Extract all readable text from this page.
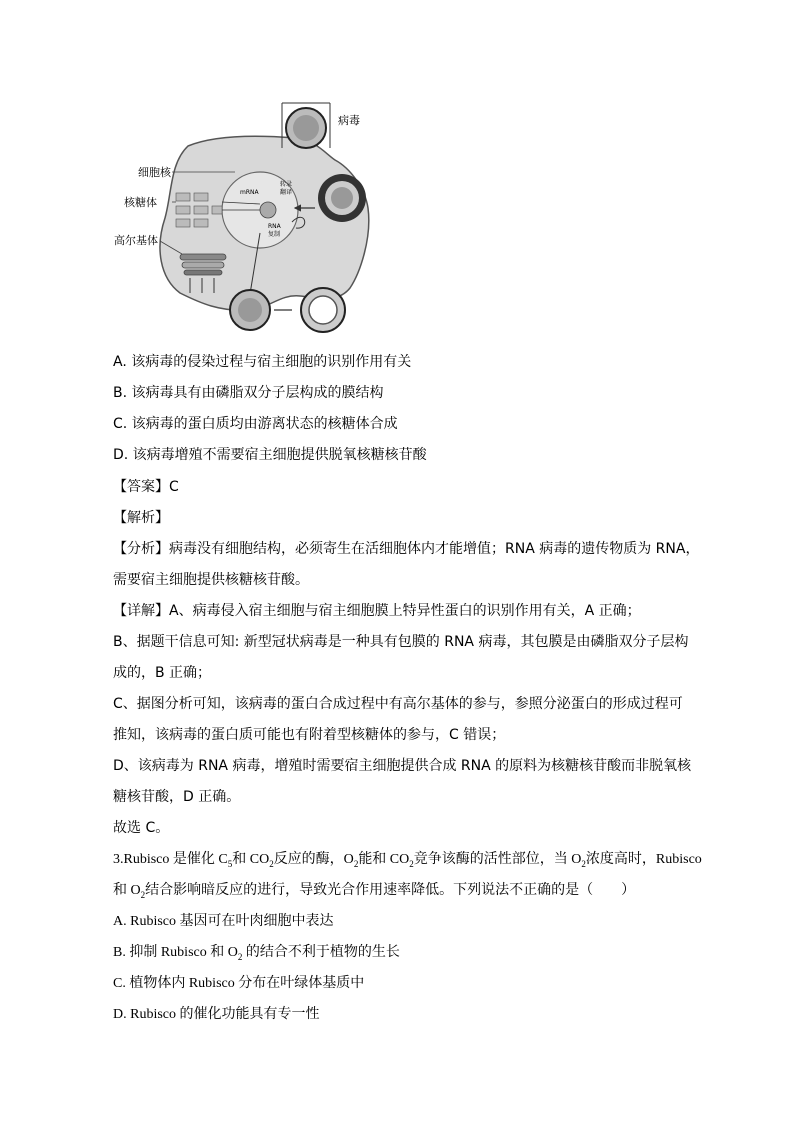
病毒
细胞核
核糖体
高尔基体
mRNA
转录
翻译
RNA
复制
A. 该病毒的侵染过程与宿主细胞的识别作用有关
B. 该病毒具有由磷脂双分子层构成的膜结构
C. 该病毒的蛋白质均由游离状态的核糖体合成
D. 该病毒增殖不需要宿主细胞提供脱氧核糖核苷酸
【答案】C
【解析】
【分析】病毒没有细胞结构，必须寄生在活细胞体内才能增值；RNA 病毒的遗传物质为 RNA，
需要宿主细胞提供核糖核苷酸。
【详解】A、病毒侵入宿主细胞与宿主细胞膜上特异性蛋白的识别作用有关，A 正确；
B、据题干信息可知: 新型冠状病毒是一种具有包膜的 RNA 病毒，其包膜是由磷脂双分子层构
成的，B 正确；
C、据图分析可知，该病毒的蛋白合成过程中有高尔基体的参与，参照分泌蛋白的形成过程可
推知，该病毒的蛋白质可能也有附着型核糖体的参与，C 错误；
D、该病毒为 RNA 病毒，增殖时需要宿主细胞提供合成 RNA 的原料为核糖核苷酸而非脱氧核
糖核苷酸，D 正确。
故选 C。
3.Rubisco 是催化 $C_5$和 $CO_2$反应的酶，$O_2$能和 $CO_2$竞争该酶的活性部位，当 $O_2$浓度高时，Rubisco
和 $O_2$结合影响暗反应的进行，导致光合作用速率降低。下列说法不正确的是（　　）
A. Rubisco 基因可在叶肉细胞中表达
B. 抑制 Rubisco 和 $O_2$ 的结合不利于植物的生长
C. 植物体内 Rubisco 分布在叶绿体基质中
D. Rubisco 的催化功能具有专一性
